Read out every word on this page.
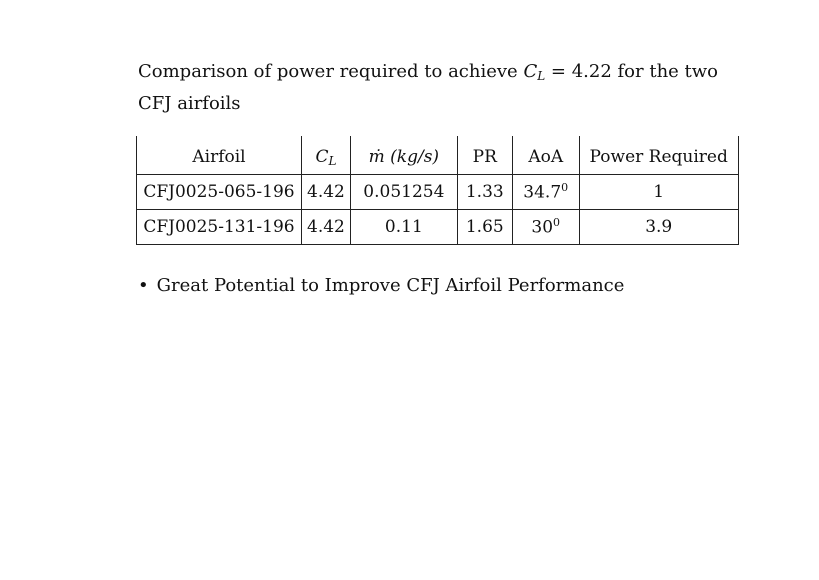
Comparison of power required to achieve $C_L = 4.22$ for the two
CFJ airfoils
Airfoil	CL	ṁ (kg/s)	PR	AoA	Power Required
CFJ0025-065-196	4.42	0.051254	1.33	34.7$^0$	1
CFJ0025-131-196	4.42	0.11	1.65	$30^0$	3.9
• Great Potential to Improve CFJ Airfoil Performance
